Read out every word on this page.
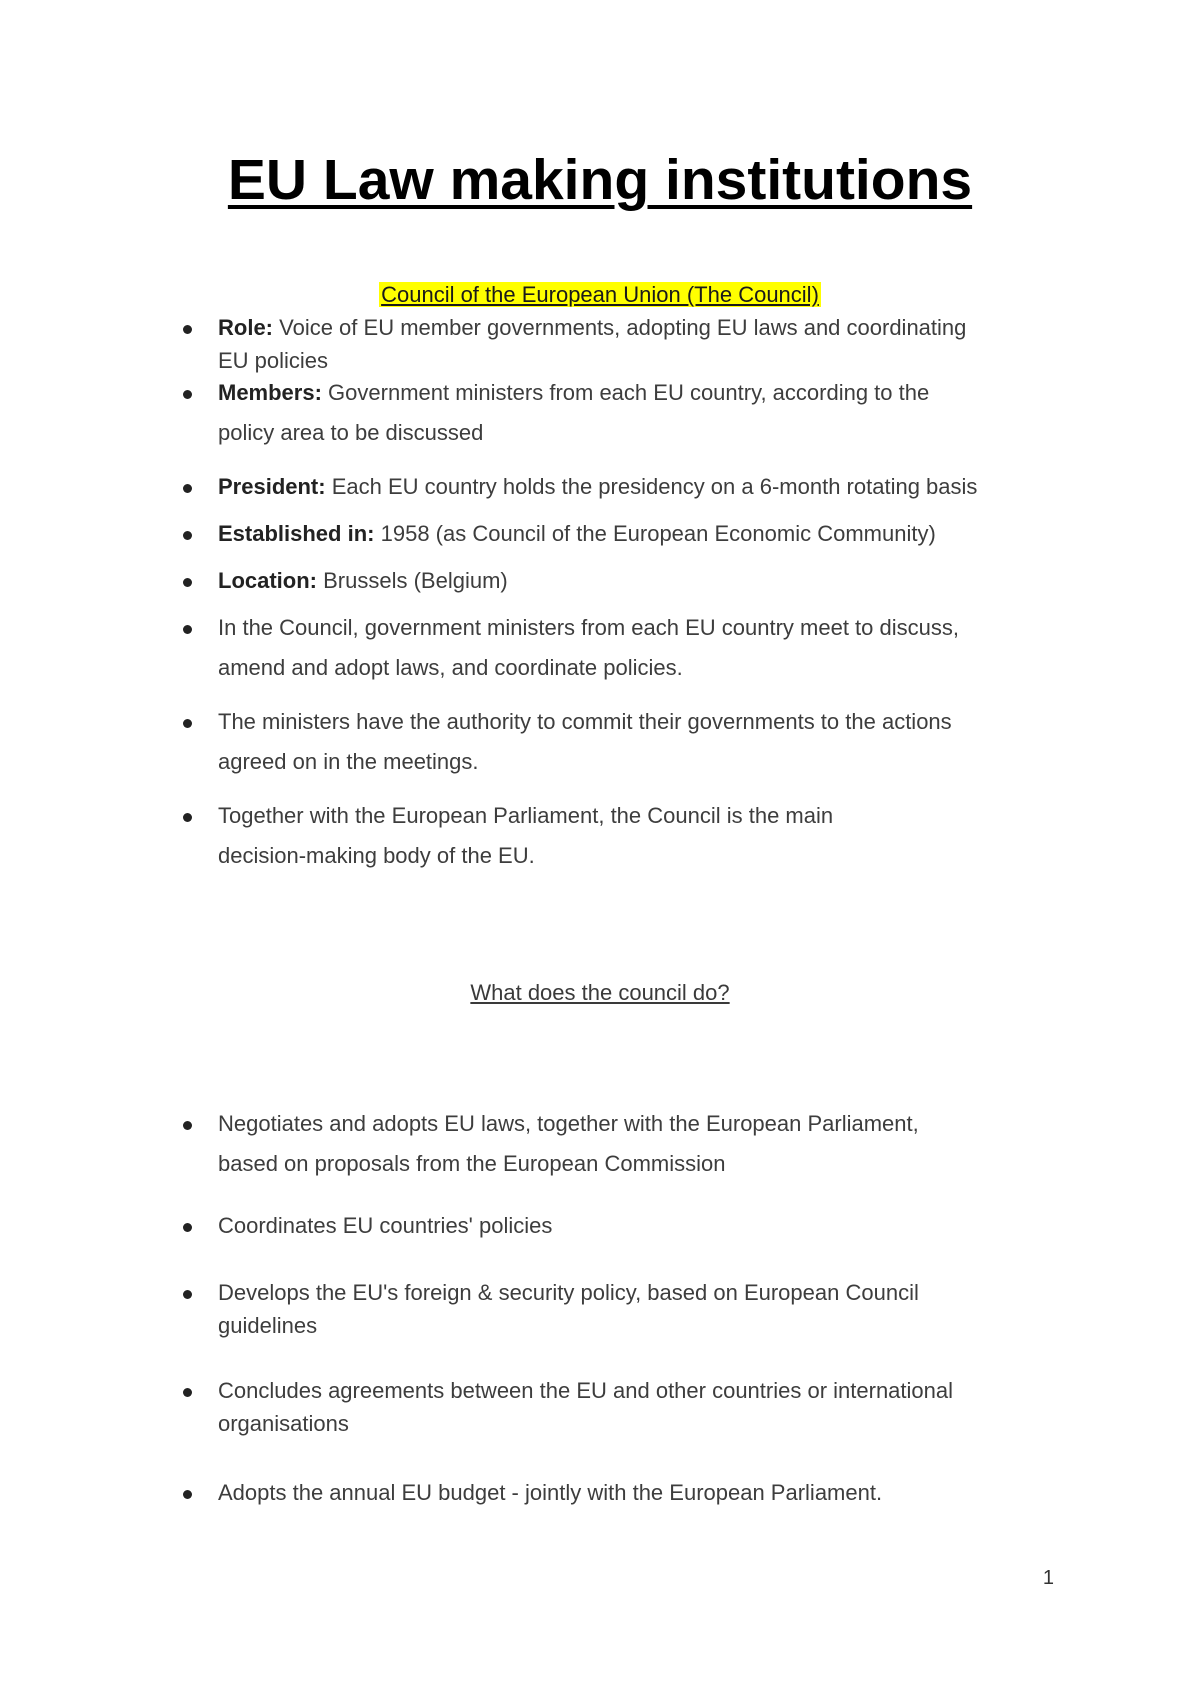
EU Law making institutions
Council of the European Union (The Council)
Role: Voice of EU member governments, adopting EU laws and coordinating
EU policies
Members: Government ministers from each EU country, according to the
policy area to be discussed
President: Each EU country holds the presidency on a 6-month rotating basis
Established in: 1958 (as Council of the European Economic Community)
Location: Brussels (Belgium)
In the Council, government ministers from each EU country meet to discuss,
amend and adopt laws, and coordinate policies.
The ministers have the authority to commit their governments to the actions
agreed on in the meetings.
Together with the European Parliament, the Council is the main
decision-making body of the EU.
What does the council do?
Negotiates and adopts EU laws, together with the European Parliament,
based on proposals from the European Commission
Coordinates EU countries' policies
Develops the EU's foreign & security policy, based on European Council
guidelines
Concludes agreements between the EU and other countries or international
organisations
Adopts the annual EU budget - jointly with the European Parliament.
1
